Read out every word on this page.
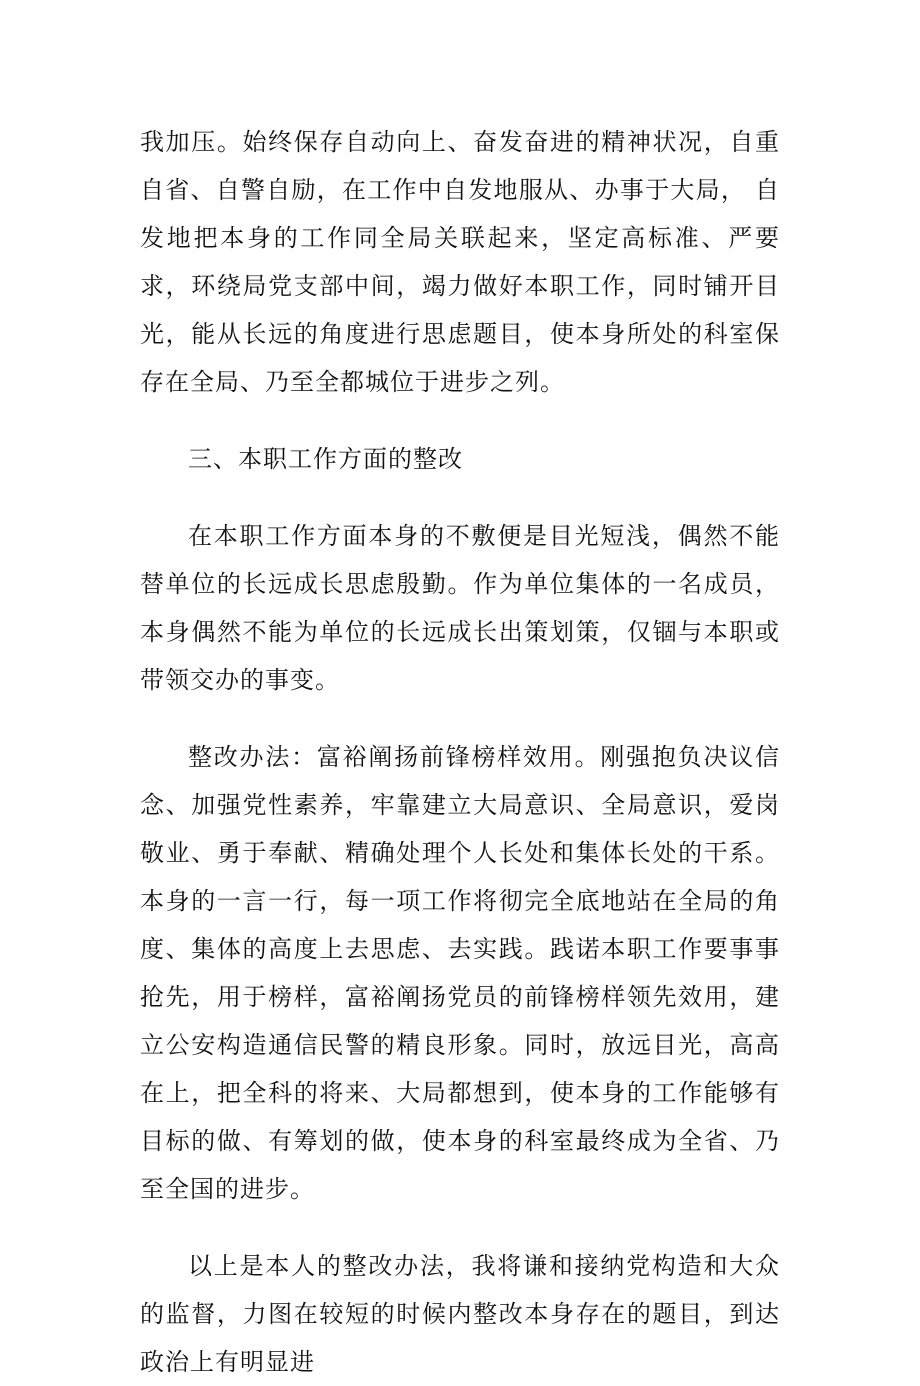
我加压。始终保存自动向上、奋发奋进的精神状况，自重自省、自警自励，在工作中自发地服从、办事于大局， 自发地把本身的工作同全局关联起来，坚定高标准、严要求，环绕局党支部中间，竭力做好本职工作，同时铺开目光，能从长远的角度进行思虑题目，使本身所处的科室保存在全局、乃至全都城位于进步之列。

三、本职工作方面的整改

在本职工作方面本身的不敷便是目光短浅，偶然不能替单位的长远成长思虑殷勤。作为单位集体的一名成员，本身偶然不能为单位的长远成长出策划策，仅锢与本职或带领交办的事变。

整改办法：富裕阐扬前锋榜样效用。刚强抱负决议信念、加强党性素养，牢靠建立大局意识、全局意识，爱岗敬业、勇于奉献、精确处理个人长处和集体长处的干系。本身的一言一行，每一项工作将彻完全底地站在全局的角度、集体的高度上去思虑、去实践。践诺本职工作要事事抢先，用于榜样，富裕阐扬党员的前锋榜样领先效用，建立公安构造通信民警的精良形象。同时，放远目光，高高在上，把全科的将来、大局都想到，使本身的工作能够有目标的做、有筹划的做，使本身的科室最终成为全省、乃至全国的进步。

以上是本人的整改办法，我将谦和接纳党构造和大众的监督，力图在较短的时候内整改本身存在的题目，到达政治上有明显进
